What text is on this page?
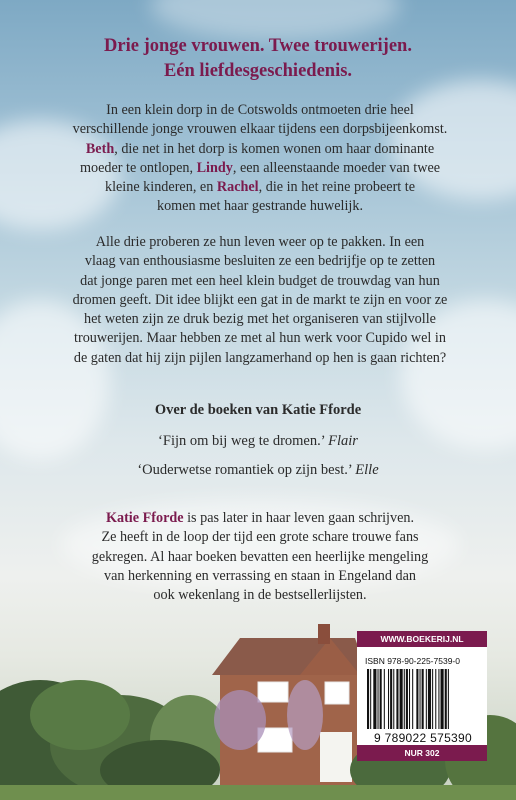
Drie jonge vrouwen. Twee trouwerijen.
Eén liefdesgeschiedenis.
In een klein dorp in de Cotswolds ontmoeten drie heel
verschillende jonge vrouwen elkaar tijdens een dorpsbijeenkomst.
Beth, die net in het dorp is komen wonen om haar dominante
moeder te ontlopen, Lindy, een alleenstaande moeder van twee
kleine kinderen, en Rachel, die in het reine probeert te
komen met haar gestrande huwelijk.
Alle drie proberen ze hun leven weer op te pakken. In een
vlaag van enthousiasme besluiten ze een bedrijfje op te zetten
dat jonge paren met een heel klein budget de trouwdag van hun
dromen geeft. Dit idee blijkt een gat in de markt te zijn en voor ze
het weten zijn ze druk bezig met het organiseren van stijlvolle
trouwerijen. Maar hebben ze met al hun werk voor Cupido wel in
de gaten dat hij zijn pijlen langzamerhand op hen is gaan richten?
Over de boeken van Katie Fforde
‘Fijn om bij weg te dromen.’ Flair
‘Ouderwetse romantiek op zijn best.’ Elle
Katie Fforde is pas later in haar leven gaan schrijven.
Ze heeft in de loop der tijd een grote schare trouwe fans
gekregen. Al haar boeken bevatten een heerlijke mengeling
van herkenning en verrassing en staan in Engeland dan
ook wekenlang in de bestsellerlijsten.
WWW.BOEKERIJ.NL
ISBN 978-90-225-7539-0
9 789022 575390
NUR 302
